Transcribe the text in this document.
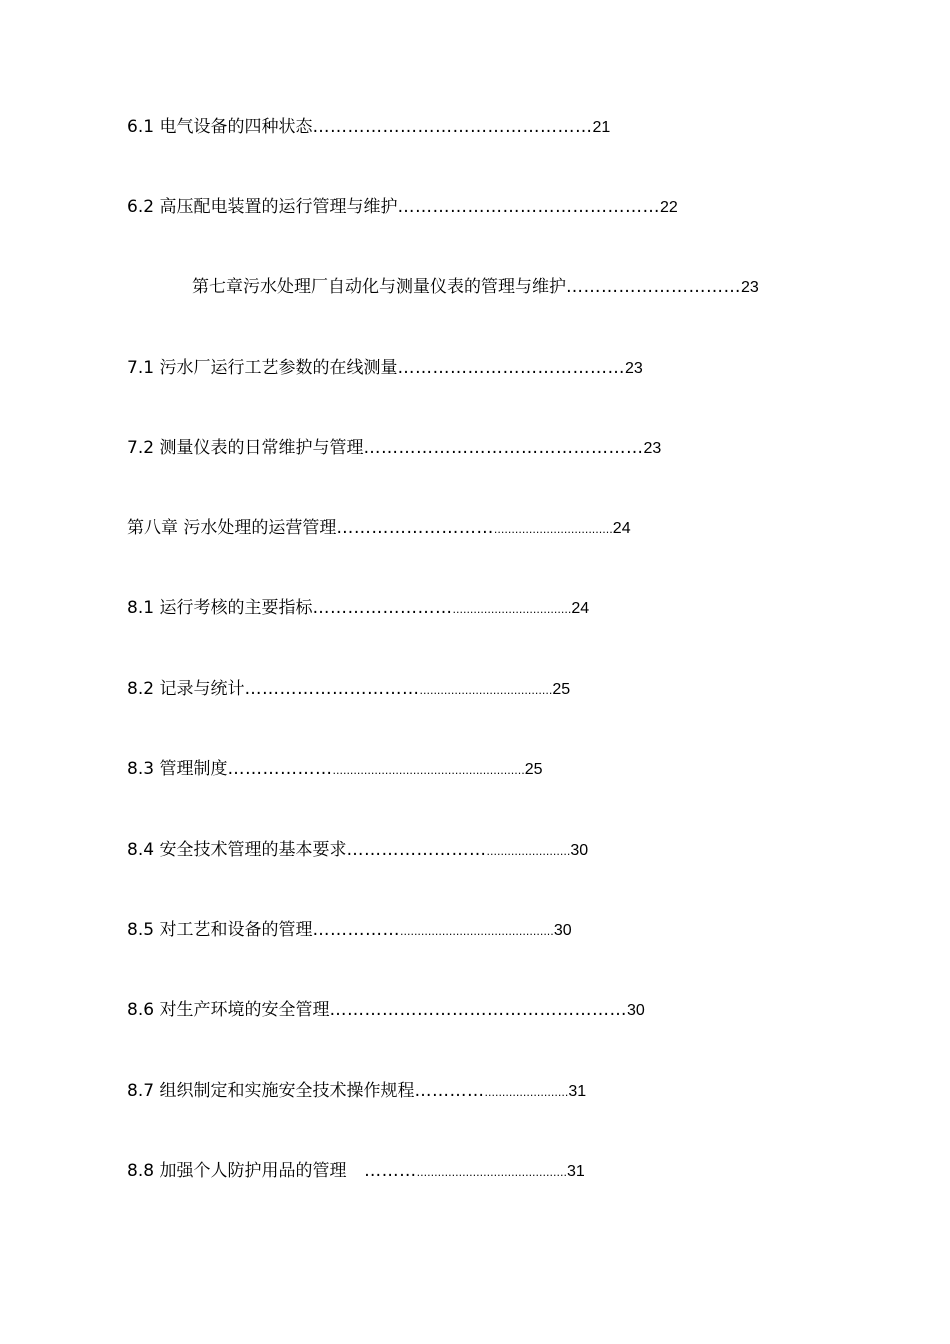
6.1 电气设备的四种状态…………………………………………21
6.2 高压配电装置的运行管理与维护………………………………………22
第七章污水处理厂自动化与测量仪表的管理与维护…………………………23
7.1 污水厂运行工艺参数的在线测量…………………………………23
7.2 测量仪表的日常维护与管理…………………………………………23
第八章 污水处理的运营管理………………………..................................24
8.1 运行考核的主要指标……………………..................................24
8.2 记录与统计…………………………......................................25
8.3 管理制度……………….......................................................25
8.4 安全技术管理的基本要求……………………........................30
8.5 对工艺和设备的管理……………............................................30
8.6 对生产环境的安全管理……………………………………………30
8.7 组织制定和实施安全技术操作规程…………........................31
8.8 加强个人防护用品的管理   ………...........................................31
